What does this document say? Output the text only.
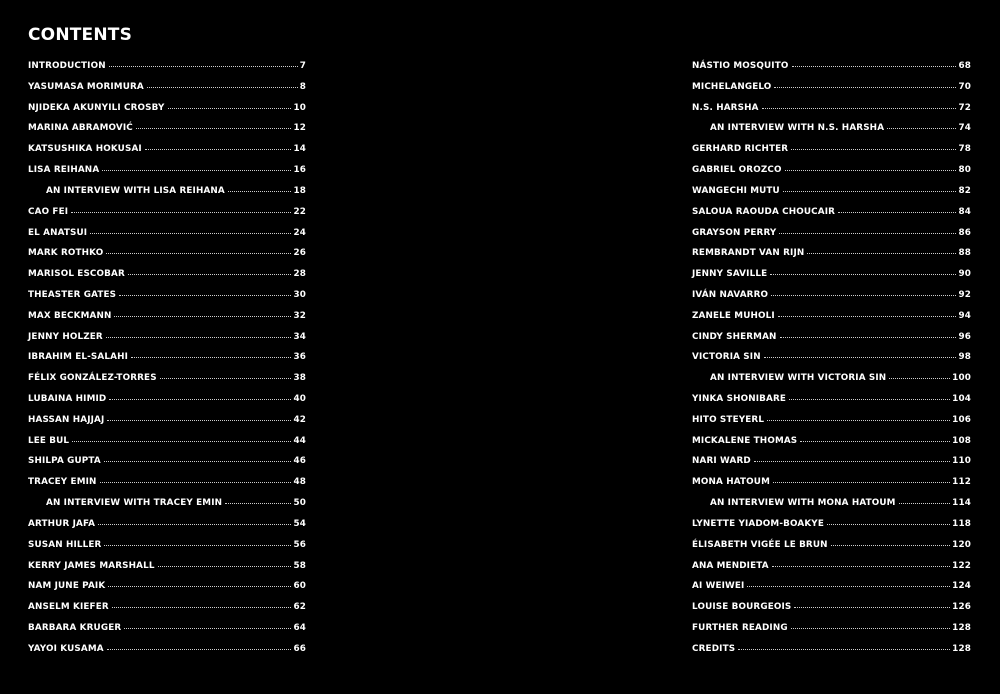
CONTENTS
INTRODUCTION	7
YASUMASA MORIMURA	8
NJIDEKA AKUNYILI CROSBY	10
MARINA ABRAMOVIĆ	12
KATSUSHIKA HOKUSAI	14
LISA REIHANA	16
AN INTERVIEW WITH LISA REIHANA	18
CAO FEI	22
EL ANATSUI	24
MARK ROTHKO	26
MARISOL ESCOBAR	28
THEASTER GATES	30
MAX BECKMANN	32
JENNY HOLZER	34
IBRAHIM EL-SALAHI	36
FÉLIX GONZÁLEZ-TORRES	38
LUBAINA HIMID	40
HASSAN HAJJAJ	42
LEE BUL	44
SHILPA GUPTA	46
TRACEY EMIN	48
AN INTERVIEW WITH TRACEY EMIN	50
ARTHUR JAFA	54
SUSAN HILLER	56
KERRY JAMES MARSHALL	58
NAM JUNE PAIK	60
ANSELM KIEFER	62
BARBARA KRUGER	64
YAYOI KUSAMA	66
NÁSTIO MOSQUITO	68
MICHELANGELO	70
N.S. HARSHA	72
AN INTERVIEW WITH N.S. HARSHA	74
GERHARD RICHTER	78
GABRIEL OROZCO	80
WANGECHI MUTU	82
SALOUA RAOUDA CHOUCAIR	84
GRAYSON PERRY	86
REMBRANDT VAN RIJN	88
JENNY SAVILLE	90
IVÁN NAVARRO	92
ZANELE MUHOLI	94
CINDY SHERMAN	96
VICTORIA SIN	98
AN INTERVIEW WITH VICTORIA SIN	100
YINKA SHONIBARE	104
HITO STEYERL	106
MICKALENE THOMAS	108
NARI WARD	110
MONA HATOUM	112
AN INTERVIEW WITH MONA HATOUM	114
LYNETTE YIADOM-BOAKYE	118
ÉLISABETH VIGÉE LE BRUN	120
ANA MENDIETA	122
AI WEIWEI	124
LOUISE BOURGEOIS	126
FURTHER READING	128
CREDITS	128
